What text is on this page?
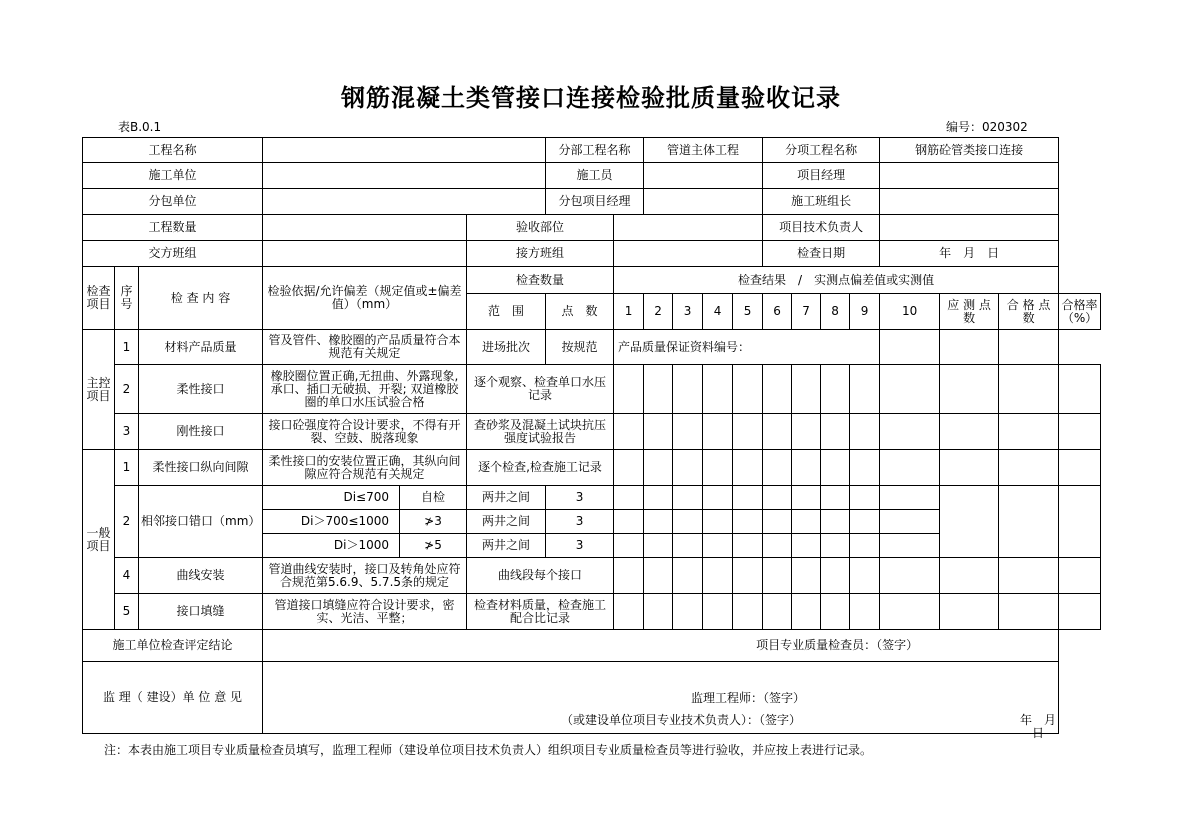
钢筋混凝土类管接口连接检验批质量验收记录
表B.0.1	编号：020302
工程名称						分部工程名称		管道主体工程				分项工程名称				钢筋砼管类接口连接			
施工单位						施工员						项目经理							
分包单位						分包项目经理						施工班组长							
工程数量					验收部位							项目技术负责人							
交方班组					接方班组							检查日期				年　月　日			
检查项目	序号	检 查 内 容	检验依据/允许偏差（规定值或±偏差值）（mm）		检查数量		检查结果　/　实测点偏差值或实测值												
					范　围	点　数	1	2	3	4	5	6	7	8	9	10	应 测 点 数	合 格 点 数	合格率（%）
主控项目	1	材料产品质量	管及管件、橡胶圈的产品质量符合本规范有关规定		进场批次	按规范	产品质量保证资料编号：												
	2	柔性接口	橡胶圈位置正确,无扭曲、外露现象, 承口、插口无破损、开裂; 双道橡胶圈的单口水压试验合格		逐个观察、检查单口水压记录														
	3	刚性接口	接口砼强度符合设计要求，不得有开裂、空鼓、脱落现象		查砂浆及混凝土试块抗压强度试验报告														
一般项目	1	柔性接口纵向间隙	柔性接口的安装位置正确，其纵向间隙应符合规范有关规定		逐个检查,检查施工记录														
	2	相邻接口错口（mm）	Di≤700	自检	两井之间	3													
			Di＞700≤1000	≯3	两井之间	3													
			Di＞1000	≯5	两井之间	3													
	4	曲线安装	管道曲线安装时，接口及转角处应符合规范第5.6.9、5.7.5条的规定		曲线段每个接口														
	5	接口填缝	管道接口填缝应符合设计要求，密实、光洁、平整；		检查材料质量，检查施工配合比记录														

施工单位检查评定结论			项目专业质量检查员：（签字）																
监 理（ 建设）单 位 意 见			监理工程师：（签字）
（或建设单位项目专业技术负责人）：（签字） 年　月　日																
注：本表由施工项目专业质量检查员填写，监理工程师（建设单位项目技术负责人）组织项目专业质量检查员等进行验收，并应按上表进行记录。
